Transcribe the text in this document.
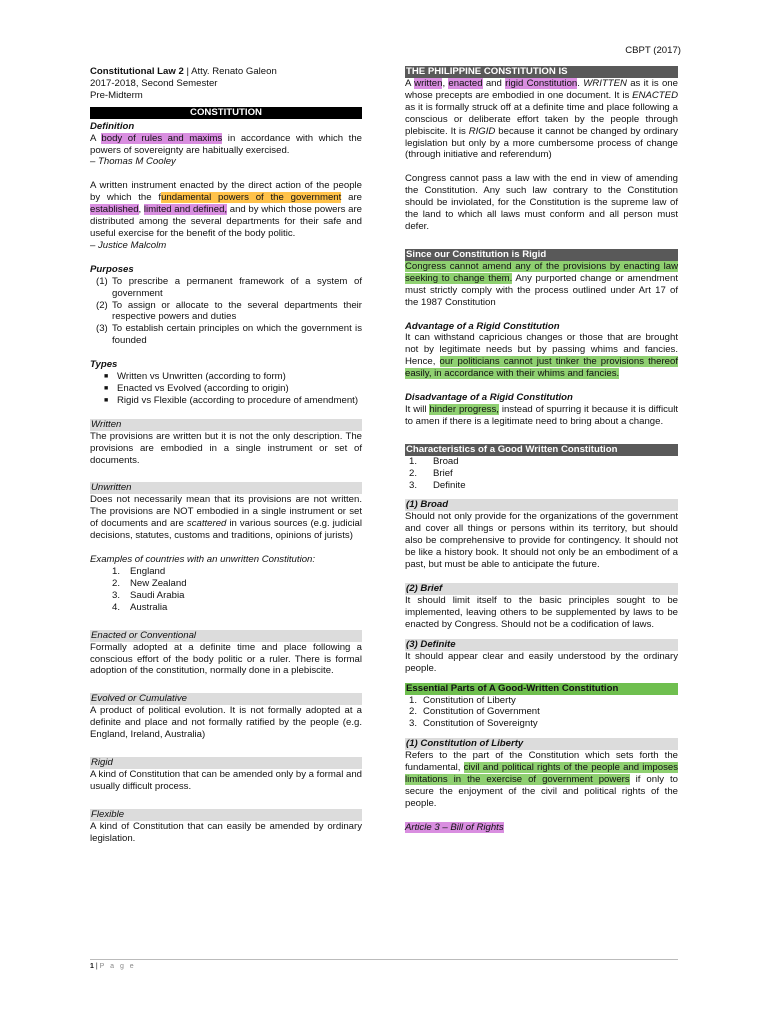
CBPT (2017)

Constitutional Law 2 | Atty. Renato Galeon

2017-2018, Second Semester

Pre-Midterm

CONSTITUTION

Definition

A body of rules and maxims in accordance with which the powers of sovereignty are habitually exercised.

– Thomas M Cooley

A written instrument enacted by the direct action of the people by which the fundamental powers of the government are established, limited and defined, and by which those powers are distributed among the several departments for their safe and useful exercise for the benefit of the body politic.

– Justice Malcolm

Purposes

(1) To prescribe a permanent framework of a system of government

(2) To assign or allocate to the several departments their respective powers and duties

(3) To establish certain principles on which the government is founded

Types

■ Written vs Unwritten (according to form)

■ Enacted vs Evolved (according to origin)

■ Rigid vs Flexible (according to procedure of amendment)

Written

The provisions are written but it is not the only description. The provisions are embodied in a single instrument or set of documents.

Unwritten

Does not necessarily mean that its provisions are not written. The provisions are NOT embodied in a single instrument or set of documents and are scattered in various sources (e.g. judicial decisions, statutes, customs and traditions, opinions of jurists)

Examples of countries with an unwritten Constitution:

1.	England
2.	New Zealand
3.	Saudi Arabia
4.	Australia
Enacted or Conventional

Formally adopted at a definite time and place following a conscious effort of the body politic or a ruler. There is formal adoption of the constitution, normally done in a plebiscite.

Evolved or Cumulative

A product of political evolution. It is not formally adopted at a definite and place and not formally ratified by the people (e.g. England, Ireland, Australia)

Rigid

A kind of Constitution that can be amended only by a formal and usually difficult process.

Flexible

A kind of Constitution that can easily be amended by ordinary legislation.

THE PHILIPPINE CONSTITUTION IS

A written, enacted and rigid Constitution. WRITTEN as it is one whose precepts are embodied in one document. It is ENACTED as it is formally struck off at a definite time and place following a conscious or deliberate effort taken by the people through plebiscite. It is RIGID because it cannot be changed by ordinary legislation but only by a more cumbersome process of change (through initiative and referendum)

Congress cannot pass a law with the end in view of amending the Constitution. Any such law contrary to the Constitution should be inviolated, for the Constitution is the supreme law of the land to which all laws must conform and all person must defer.

Since our Constitution is Rigid

Congress cannot amend any of the provisions by enacting law seeking to change them. Any purported change or amendment must strictly comply with the process outlined under Art 17 of the 1987 Constitution

Advantage of a Rigid Constitution

It can withstand capricious changes or those that are brought not by legitimate needs but by passing whims and fancies. Hence, our politicians cannot just tinker the provisions thereof easily, in accordance with their whims and fancies.

Disadvantage of a Rigid Constitution

It will hinder progress, instead of spurring it because it is difficult to amen if there is a legitimate need to bring about a change.

Characteristics of a Good Written Constitution
1.	Broad
2.	Brief
3.	Definite
(1) Broad

Should not only provide for the organizations of the government and cover all things or persons within its territory, but should also be comprehensive to provide for contingency. It should not be like a history book. It should not only be an embodiment of a past, but must be able to anticipate the future.

(2) Brief

It should limit itself to the basic principles sought to be implemented, leaving others to be supplemented by laws to be enacted by Congress. Should not be a codification of laws.

(3) Definite

It should appear clear and easily understood by the ordinary people.

Essential Parts of A Good-Written Constitution
1. Constitution of Liberty
2. Constitution of Government
3. Constitution of Sovereignty
(1) Constitution of Liberty

Refers to the part of the Constitution which sets forth the fundamental, civil and political rights of the people and imposes limitations in the exercise of government powers if only to secure the enjoyment of the civil and political rights of the people.

Article 3 – Bill of Rights

1 | P a g e
